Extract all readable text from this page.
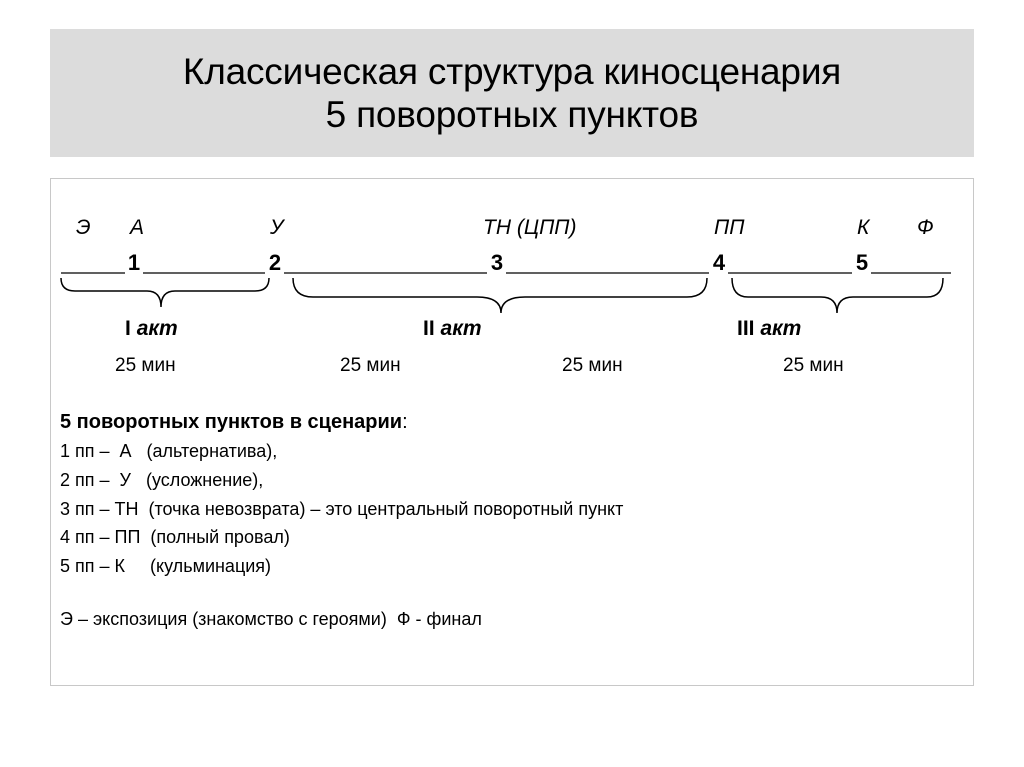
Классическая структура киносценария
5 поворотных пунктов
Э А	У	ТН (ЦПП)	ПП	К Ф
1	2	3	4	5
I акт	II акт	III акт
25 мин	25 мин	25 мин	25 мин
5 поворотных пунктов в сценарии:
1 пп –  А   (альтернатива),
2 пп –  У   (усложнение),
3 пп – ТН  (точка невозврата) – это центральный поворотный пункт
4 пп – ПП  (полный провал)
5 пп – К     (кульминация)
Э – экспозиция (знакомство с героями)  Ф - финал
